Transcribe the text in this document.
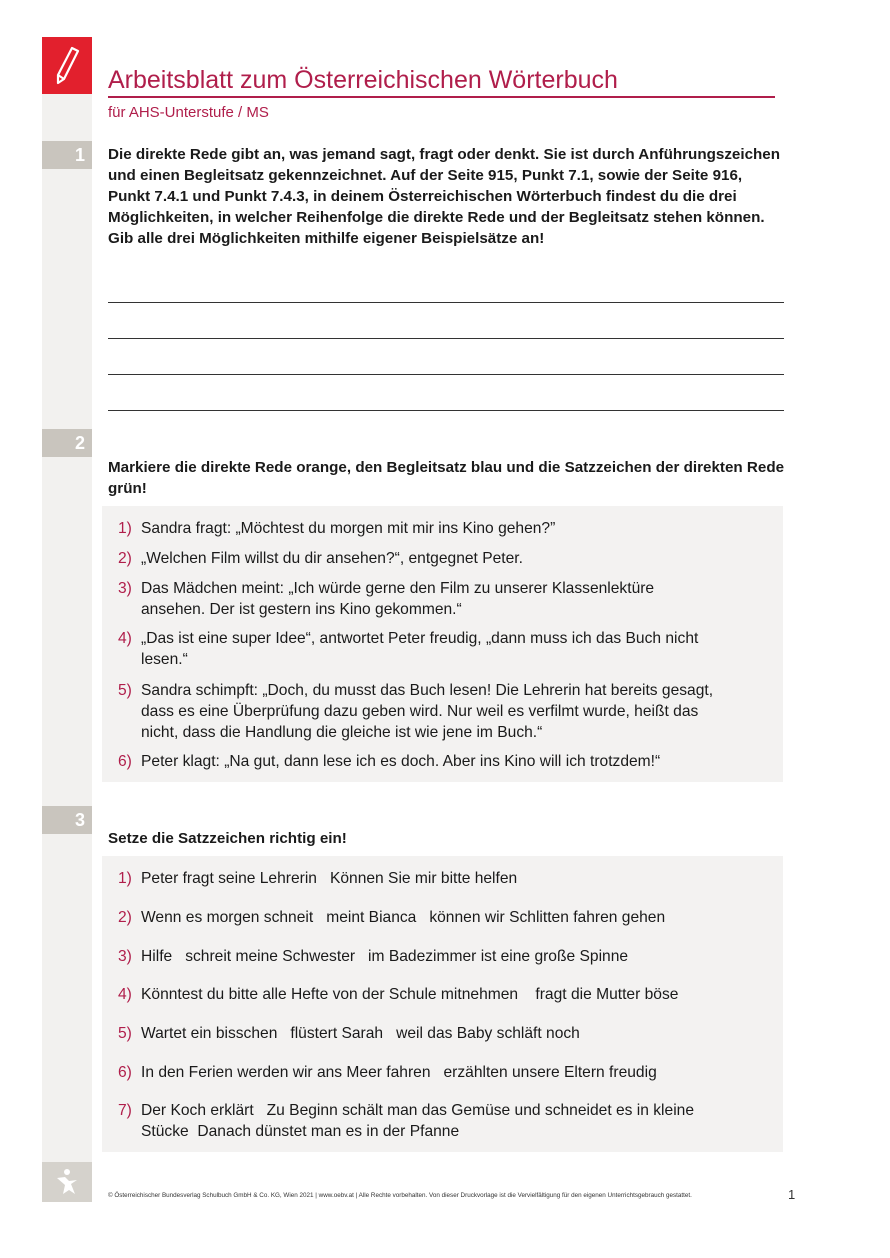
Arbeitsblatt zum Österreichischen Wörterbuch
für AHS-Unterstufe / MS
1	Die direkte Rede gibt an, was jemand sagt, fragt oder denkt. Sie ist durch Anführungszeichen und einen Begleitsatz gekennzeichnet. Auf der Seite 915, Punkt 7.1, sowie der Seite 916, Punkt 7.4.1 und Punkt 7.4.3, in deinem Österreichischen Wörterbuch findest du die drei Möglichkeiten, in welcher Reihenfolge die direkte Rede und der Begleitsatz stehen können. Gib alle drei Möglichkeiten mithilfe eigener Beispielsätze an!
2
Markiere die direkte Rede orange, den Begleitsatz blau und die Satzzeichen der direkten Rede grün!
1) Sandra fragt: „Möchtest du morgen mit mir ins Kino gehen?”
2) „Welchen Film willst du dir ansehen?“, entgegnet Peter.
3) Das Mädchen meint: „Ich würde gerne den Film zu unserer Klassenlektüre
ansehen. Der ist gestern ins Kino gekommen.“
4) „Das ist eine super Idee“, antwortet Peter freudig, „dann muss ich das Buch nicht
lesen.“
5) Sandra schimpft: „Doch, du musst das Buch lesen! Die Lehrerin hat bereits gesagt,
dass es eine Überprüfung dazu geben wird. Nur weil es verfilmt wurde, heißt das
nicht, dass die Handlung die gleiche ist wie jene im Buch.“
6) Peter klagt: „Na gut, dann lese ich es doch. Aber ins Kino will ich trotzdem!“
3
Setze die Satzzeichen richtig ein!
1) Peter fragt seine Lehrerin   Können Sie mir bitte helfen
2) Wenn es morgen schneit   meint Bianca   können wir Schlitten fahren gehen
3) Hilfe   schreit meine Schwester   im Badezimmer ist eine große Spinne
4) Könntest du bitte alle Hefte von der Schule mitnehmen    fragt die Mutter böse
5) Wartet ein bisschen   flüstert Sarah   weil das Baby schläft noch
6) In den Ferien werden wir ans Meer fahren   erzählten unsere Eltern freudig
7) Der Koch erklärt   Zu Beginn schält man das Gemüse und schneidet es in kleine
Stücke  Danach dünstet man es in der Pfanne
© Österreichischer Bundesverlag Schulbuch GmbH & Co. KG, Wien 2021 | www.oebv.at | Alle Rechte vorbehalten. Von dieser Druckvorlage ist die Vervielfältigung für den eigenen Unterrichtsgebrauch gestattet.	1
